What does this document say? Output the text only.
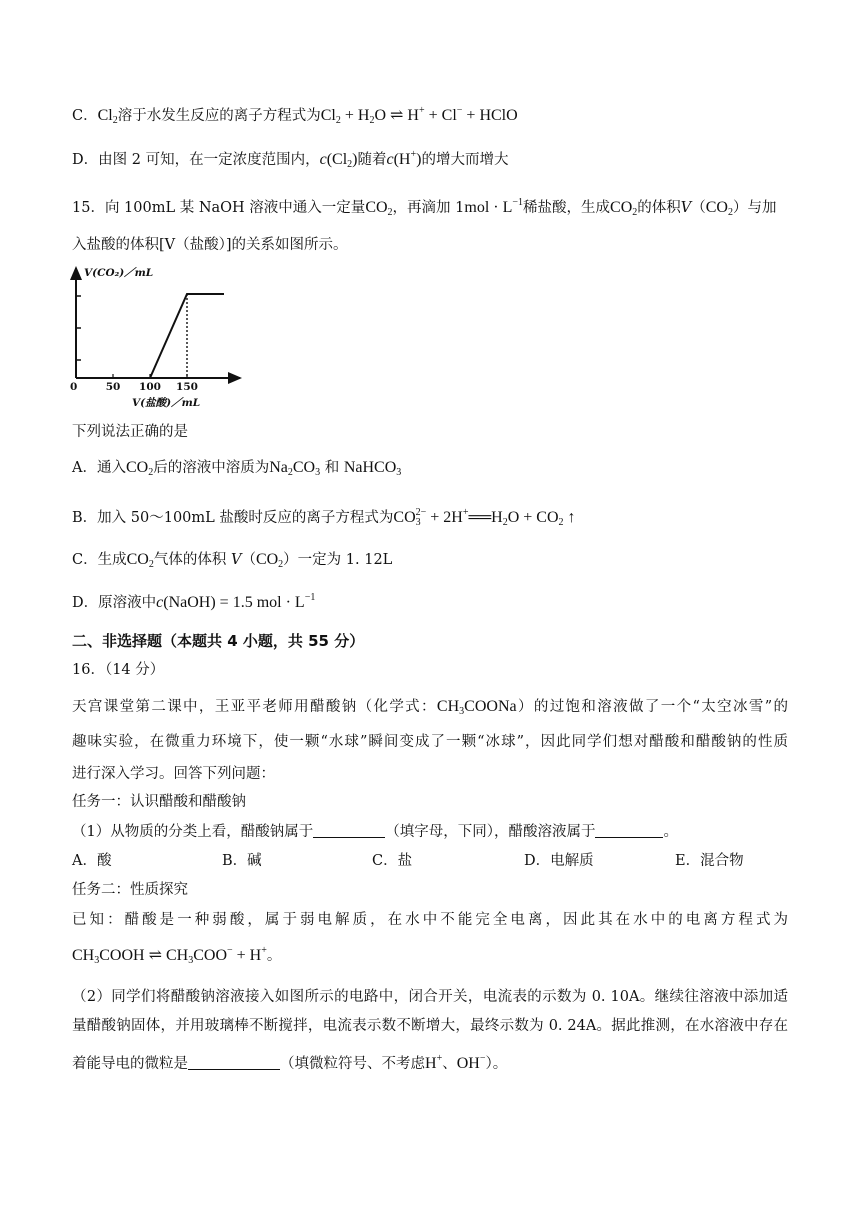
C．$Cl_2$溶于水发生反应的离子方程式为$Cl_2 + H_2O$ ⇌ H+ + Cl− + HClO
D．由图 2 可知，在一定浓度范围内，$c(Cl_2)$随着c(H+)的增大而增大
15．向 100mL 某 NaOH 溶液中通入一定量$CO_2$，再滴加 $1mol \cdot L^{-1}$稀盐酸，生成$CO_2$的体积$V(CO_2)$与加
入盐酸的体积[V（盐酸）]的关系如图所示。
V(CO₂)／mL
V(盐酸)／mL
0	50 100 150
下列说法正确的是
A．通入$CO_2$后的溶液中溶质为$Na_2CO_3$ 和 NaHCO$_3$
B．加入 50～100mL 盐酸时反应的离子方程式为$CO_3^{2-}$ + $2H^+══H_2O + CO_2$ ↑
C．生成$CO_2$气体的体积 $V(CO_2)$一定为 1. 12L
D．原溶液中c(NaOH) = 1.5 mol · $L^{-1}$
二、非选择题（本题共 4 小题，共 55 分）
16．（14 分）
天宫课堂第二课中，王亚平老师用醋酸钠（化学式：$CH_3COONa$）的过饱和溶液做了一个“太空冰雪”的
趣味实验，在微重力环境下，使一颗“水球”瞬间变成了一颗“冰球”，因此同学们想对醋酸和醋酸钠的性质
进行深入学习。回答下列问题：
任务一：认识醋酸和醋酸钠
（1）从物质的分类上看，醋酸钠属于	（填字母，下同），醋酸溶液属于	。
A．酸	B．碱	C．盐	D．电解质	E．混合物
任务二：性质探究
已知：醋酸是一种弱酸，属于弱电解质，在水中不能完全电离，因此其在水中的电离方程式为
$CH_3COOH$ ⇌ $CH_3COO^- + H^+$。
（2）同学们将醋酸钠溶液接入如图所示的电路中，闭合开关，电流表的示数为 0. 10A。继续往溶液中添加适
量醋酸钠固体，并用玻璃棒不断搅拌，电流表示数不断增大，最终示数为 0. 24A。据此推测，在水溶液中存在
着能导电的微粒是	（填微粒符号、不考虑H+、OH−）。
